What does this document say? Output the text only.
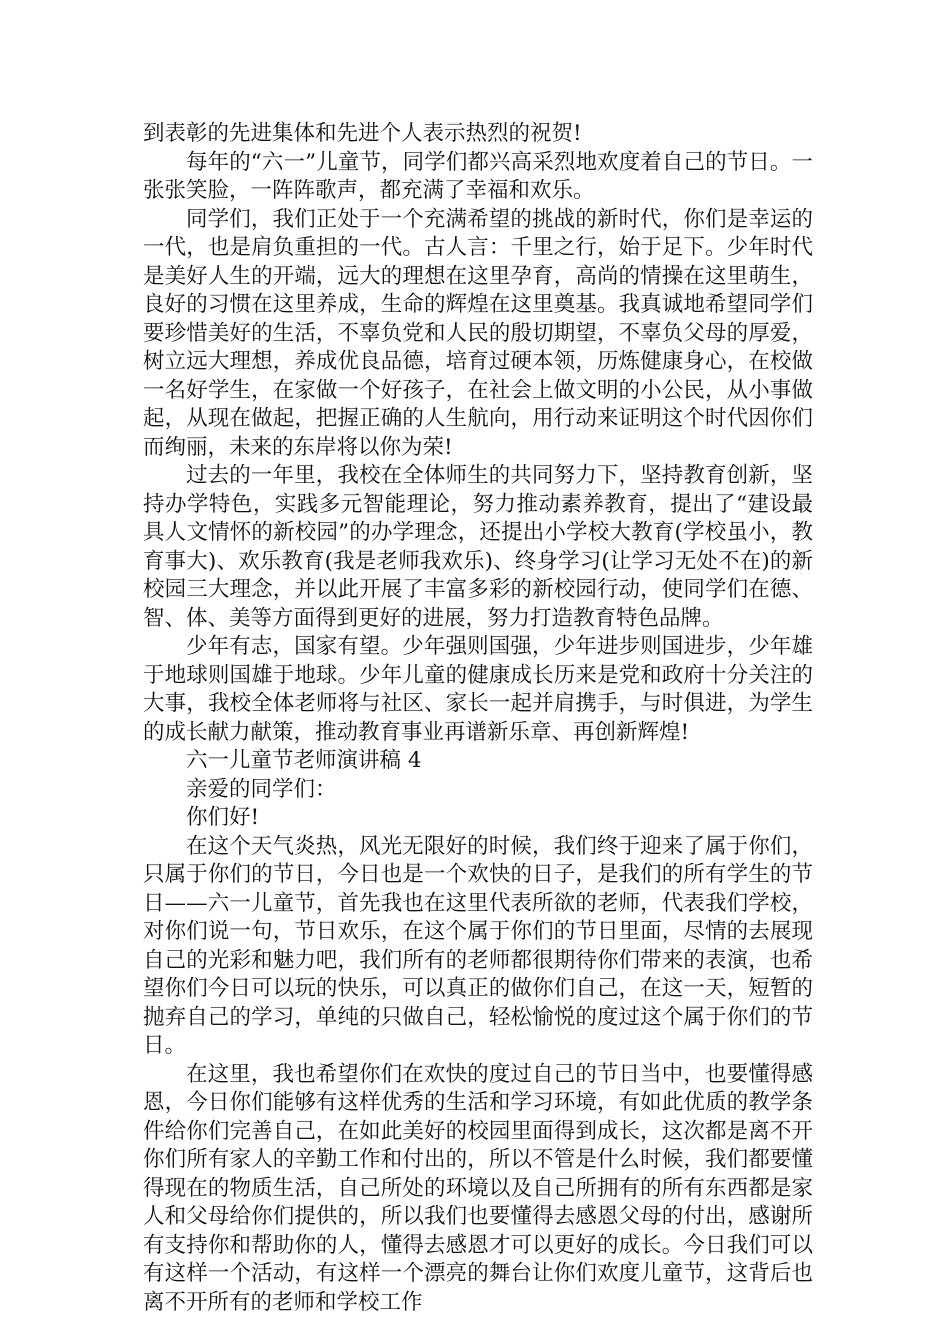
到表彰的先进集体和先进个人表示热烈的祝贺!

每年的“六一”儿童节，同学们都兴高采烈地欢度着自己的节日。一张张笑脸，一阵阵歌声，都充满了幸福和欢乐。

同学们，我们正处于一个充满希望的挑战的新时代，你们是幸运的一代，也是肩负重担的一代。古人言：千里之行，始于足下。少年时代是美好人生的开端，远大的理想在这里孕育，高尚的情操在这里萌生，良好的习惯在这里养成，生命的辉煌在这里奠基。我真诚地希望同学们要珍惜美好的生活，不辜负党和人民的殷切期望，不辜负父母的厚爱，树立远大理想，养成优良品德，培育过硬本领，历炼健康身心，在校做一名好学生，在家做一个好孩子，在社会上做文明的小公民，从小事做起，从现在做起，把握正确的人生航向，用行动来证明这个时代因你们而绚丽，未来的东岸将以你为荣!

过去的一年里，我校在全体师生的共同努力下，坚持教育创新，坚持办学特色，实践多元智能理论，努力推动素养教育，提出了“建设最具人文情怀的新校园”的办学理念，还提出小学校大教育(学校虽小，教育事大)、欢乐教育(我是老师我欢乐)、终身学习(让学习无处不在)的新校园三大理念，并以此开展了丰富多彩的新校园行动，使同学们在德、智、体、美等方面得到更好的进展，努力打造教育特色品牌。

少年有志，国家有望。少年强则国强，少年进步则国进步，少年雄于地球则国雄于地球。少年儿童的健康成长历来是党和政府十分关注的大事，我校全体老师将与社区、家长一起并肩携手，与时俱进，为学生的成长献力献策，推动教育事业再谱新乐章、再创新辉煌!

六一儿童节老师演讲稿 4

亲爱的同学们：

你们好!

在这个天气炎热，风光无限好的时候，我们终于迎来了属于你们，只属于你们的节日，今日也是一个欢快的日子，是我们的所有学生的节日——六一儿童节，首先我也在这里代表所欲的老师，代表我们学校，对你们说一句，节日欢乐，在这个属于你们的节日里面，尽情的去展现自己的光彩和魅力吧，我们所有的老师都很期待你们带来的表演，也希望你们今日可以玩的快乐，可以真正的做你们自己，在这一天，短暂的抛弃自己的学习，单纯的只做自己，轻松愉悦的度过这个属于你们的节日。

在这里，我也希望你们在欢快的度过自己的节日当中，也要懂得感恩，今日你们能够有这样优秀的生活和学习环境，有如此优质的教学条件给你们完善自己，在如此美好的校园里面得到成长，这次都是离不开你们所有家人的辛勤工作和付出的，所以不管是什么时候，我们都要懂得现在的物质生活，自己所处的环境以及自己所拥有的所有东西都是家人和父母给你们提供的，所以我们也要懂得去感恩父母的付出，感谢所有支持你和帮助你的人，懂得去感恩才可以更好的成长。今日我们可以有这样一个活动，有这样一个漂亮的舞台让你们欢度儿童节，这背后也离不开所有的老师和学校工作
